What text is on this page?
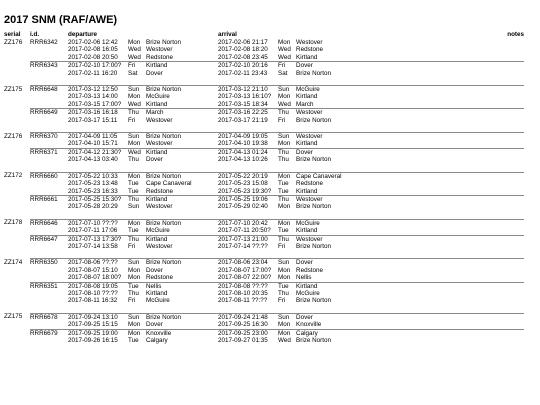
2017 SNM (RAF/AWE)
serial	i.d.	departure			arrival			notes
ZZ176	RRR6342	2017-02-06 12:42	Mon	Brize Norton	2017-02-06 21:17	Mon	Westover	
		2017-02-08 16:05	Wed	Westover	2017-02-08 18:20	Wed	Redstone	
		2017-02-08 20:50	Wed	Redstone	2017-02-08 23:45	Wed	Kirtland	
	RRR6343	2017-02-10 17:00?	Fri	Kirtland	2017-02-10 20:16	Fri	Dover	
		2017-02-11 16:20	Sat	Dover	2017-02-11 23:43	Sat	Brize Norton	

ZZ175	RRR6648	2017-03-12 12:50	Sun	Brize Norton	2017-03-12 21:10	Sun	McGuire	
		2017-03-13 14:00	Mon	McGuire	2017-03-13 16:10?	Mon	Kirtland	
		2017-03-15 17:00?	Wed	Kirtland	2017-03-15 18:34	Wed	March	
	RRR6649	2017-03-16 16:18	Thu	March	2017-03-16 22:25	Thu	Westover	
		2017-03-17 15:11	Fri	Westover	2017-03-17 21:19	Fri	Brize Norton	

ZZ176	RRR6370	2017-04-09 11:05	Sun	Brize Norton	2017-04-09 19:05	Sun	Westover	
		2017-04-10 15:71	Mon	Westover	2017-04-10 19:38	Mon	Kirtland	
	RRR6371	2017-04-12 21:30?	Wed	Kirtland	2017-04-13 01:24	Thu	Dover	
		2017-04-13 03:40	Thu	Dover	2017-04-13 10:26	Thu	Brize Norton	

ZZ172	RRR6660	2017-05-22 10:33	Mon	Brize Norton	2017-05-22 20:19	Mon	Cape Canaveral	
		2017-05-23 13:48	Tue	Cape Canaveral	2017-05-23 15:08	Tue	Redstone	
		2017-05-23 16:33	Tue	Redstone	2017-05-23 19:30?	Tue	Kirtland	
	RRR6661	2017-05-25 15:30?	Thu	Kirtland	2017-05-25 19:06	Thu	Westover	
		2017-05-28 20:29	Sun	Westover	2017-05-29 02:40	Mon	Brize Norton	

ZZ178	RRR6646	2017-07-10 ??:??	Mon	Brize Norton	2017-07-10 20:42	Mon	McGuire	
		2017-07-11 17:06	Tue	McGuire	2017-07-11 20:50?	Tue	Kirtland	
	RRR6647	2017-07-13 17:30?	Thu	Kirtland	2017-07-13 21:00	Thu	Westover	
		2017-07-14 13:58	Fri	Westover	2017-07-14 ??:??	Fri	Brize Norton	

ZZ174	RRR6350	2017-08-06 ??:??	Sun	Brize Norton	2017-08-06 23:04	Sun	Dover	
		2017-08-07 15:10	Mon	Dover	2017-08-07 17:00?	Mon	Redstone	
		2017-08-07 18:00?	Mon	Redstone	2017-08-07 22:00?	Mon	Nellis	
	RRR6351	2017-08-08 19:05	Tue	Nellis	2017-08-08 ??:??	Tue	Kirtland	
		2017-08-10 ??:??	Thu	Kirtland	2017-08-10 20:35	Thu	McGuire	
		2017-08-11 16:32	Fri	McGuire	2017-08-11 ??:??	Fri	Brize Norton	

ZZ175	RRR6678	2017-09-24 13:10	Sun	Brize Norton	2017-09-24 21:48	Sun	Dover	
		2017-09-25 15:15	Mon	Dover	2017-09-25 16:30	Mon	Knoxville	
	RRR6679	2017-09-25 19:00	Mon	Knoxville	2017-09-25 23:00	Mon	Calgary	
		2017-09-26 16:15	Tue	Calgary	2017-09-27 01:35	Wed	Brize Norton	
